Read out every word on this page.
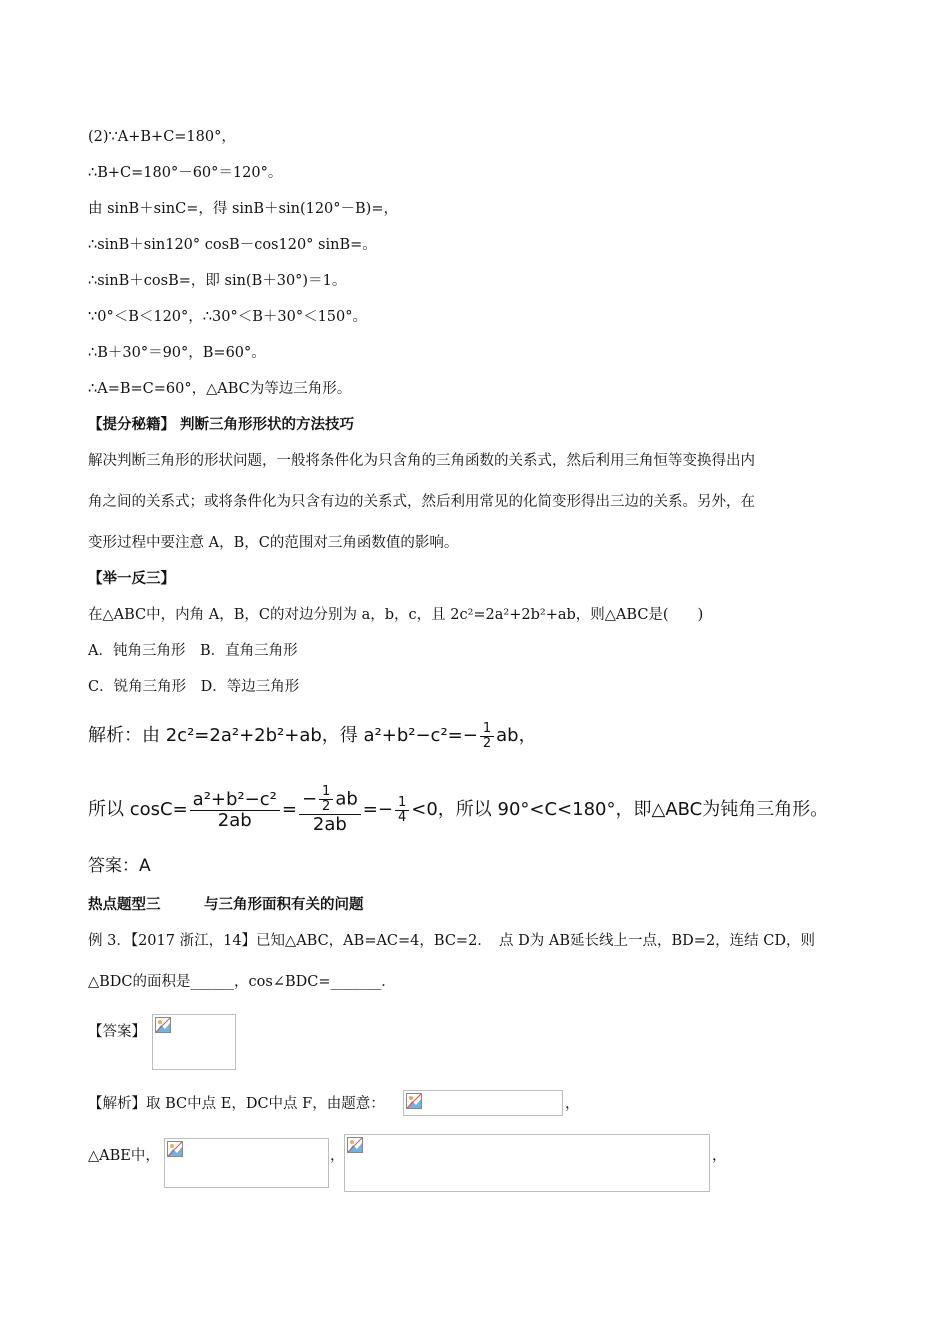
(2)∵A+B+C=180°，
∴B+C=180°－60°＝120°。
由 sinB＋sinC=，得 sinB＋sin(120°－B)=，
∴sinB＋sin120° cosB－cos120° sinB=。
∴sinB＋cosB=，即 sin(B＋30°)＝1。
∵0°＜B＜120°，∴30°＜B＋30°＜150°。
∴B＋30°＝90°，B=60°。
∴A=B=C=60°，△ABC为等边三角形。
【提分秘籍】 判断三角形形状的方法技巧
解决判断三角形的形状问题，一般将条件化为只含角的三角函数的关系式，然后利用三角恒等变换得出内
角之间的关系式；或将条件化为只含有边的关系式，然后利用常见的化简变形得出三边的关系。另外，在
变形过程中要注意 A，B，C的范围对三角函数值的影响。
【举一反三】
在△ABC中，内角 A，B，C的对边分别为 a，b，c，且 2c²=2a²+2b²+ab，则△ABC是(　　)
A．钝角三角形　B．直角三角形
C．锐角三角形　D．等边三角形
解析：由 2c²=2a²+2b²+ab，得 $a^2+b^2-c^2=- \frac{1}{2}$ ab，
所以 $\cos C= \frac{\text{a²+b²−c²}}{2ab} = \frac{- \frac{1}{2} ab}{2ab} =- \frac{1}{4} <0$，所以 90°<C<180°，即△ABC为钝角三角形。
答案：A
热点题型三　　　与三角形面积有关的问题
例 3．【2017 浙江，14】已知△ABC，AB=AC=4，BC=2．　点 D为 AB延长线上一点，BD=2，连结 CD，则
△BDC的面积是______，cos∠BDC=_______．
【答案】
【解析】取 BC中点 E，DC中点 F，由题意：	，
△ABE中，	，	，
